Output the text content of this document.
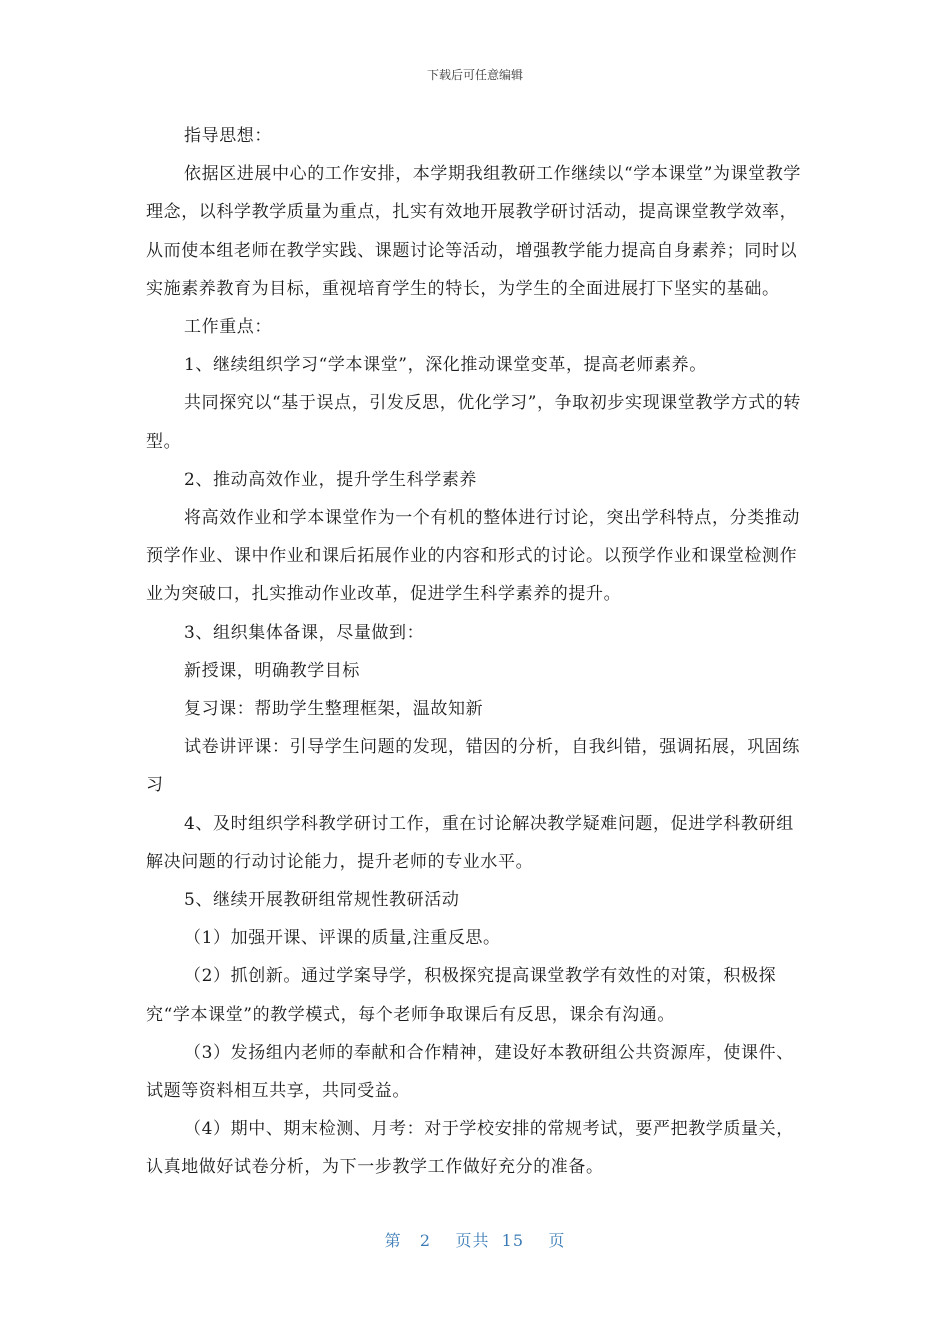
下载后可任意编辑

指导思想：

依据区进展中心的工作安排，本学期我组教研工作继续以“学本课堂”为课堂教学理念，以科学教学质量为重点，扎实有效地开展教学研讨活动，提高课堂教学效率，从而使本组老师在教学实践、课题讨论等活动，增强教学能力提高自身素养；同时以实施素养教育为目标，重视培育学生的特长，为学生的全面进展打下坚实的基础。

工作重点：

1、继续组织学习“学本课堂”，深化推动课堂变革，提高老师素养。

共同探究以“基于误点，引发反思，优化学习”，争取初步实现课堂教学方式的转型。

2、推动高效作业，提升学生科学素养

将高效作业和学本课堂作为一个有机的整体进行讨论，突出学科特点，分类推动预学作业、课中作业和课后拓展作业的内容和形式的讨论。以预学作业和课堂检测作业为突破口，扎实推动作业改革，促进学生科学素养的提升。

3、组织集体备课，尽量做到：

新授课，明确教学目标

复习课：帮助学生整理框架，温故知新

试卷讲评课：引导学生问题的发现，错因的分析，自我纠错，强调拓展，巩固练习

4、及时组织学科教学研讨工作，重在讨论解决教学疑难问题，促进学科教研组解决问题的行动讨论能力，提升老师的专业水平。

5、继续开展教研组常规性教研活动

（1）加强开课、评课的质量,注重反思。

（2）抓创新。通过学案导学，积极探究提高课堂教学有效性的对策，积极探究“学本课堂”的教学模式，每个老师争取课后有反思，课余有沟通。

（3）发扬组内老师的奉献和合作精神，建设好本教研组公共资源库，使课件、试题等资料相互共享，共同受益。

（4）期中、期末检测、月考：对于学校安排的常规考试，要严把教学质量关，认真地做好试卷分析，为下一步教学工作做好充分的准备。

第 2 页共 15 页
